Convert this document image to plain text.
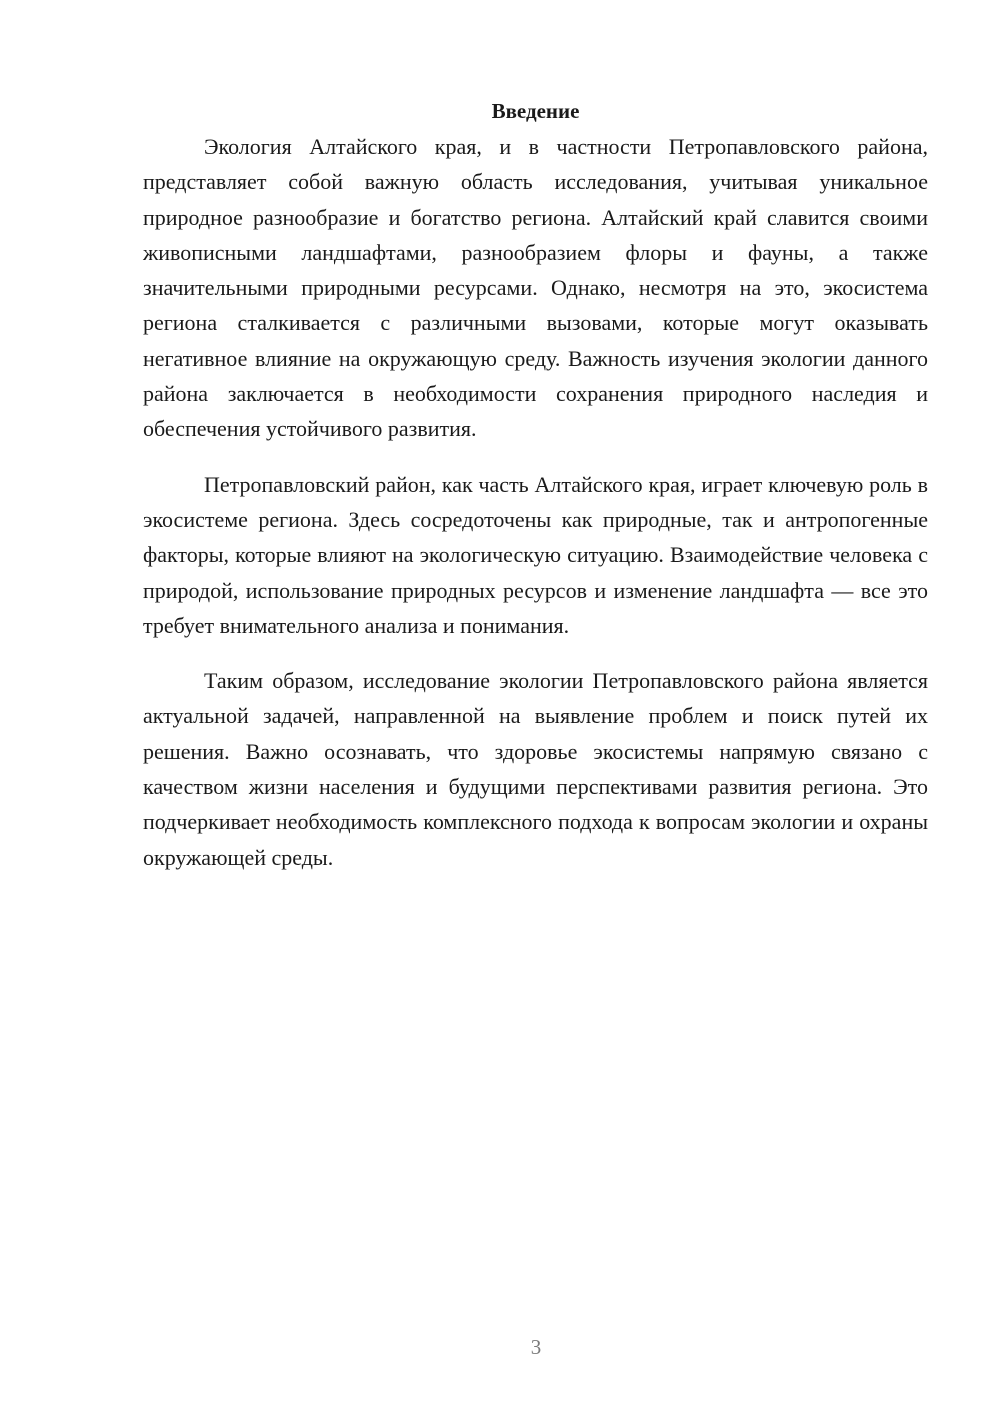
Введение

Экология Алтайского края, и в частности Петропавловского района, представляет собой важную область исследования, учитывая уникальное природное разнообразие и богатство региона. Алтайский край славится своими живописными ландшафтами, разнообразием флоры и фауны, а также значительными природными ресурсами. Однако, несмотря на это, экосистема региона сталкивается с различными вызовами, которые могут оказывать негативное влияние на окружающую среду. Важность изучения экологии данного района заключается в необходимости сохранения природного наследия и обеспечения устойчивого развития.

Петропавловский район, как часть Алтайского края, играет ключевую роль в экосистеме региона. Здесь сосредоточены как природные, так и антропогенные факторы, которые влияют на экологическую ситуацию. Взаимодействие человека с природой, использование природных ресурсов и изменение ландшафта — все это требует внимательного анализа и понимания.

Таким образом, исследование экологии Петропавловского района является актуальной задачей, направленной на выявление проблем и поиск путей их решения. Важно осознавать, что здоровье экосистемы напрямую связано с качеством жизни населения и будущими перспективами развития региона. Это подчеркивает необходимость комплексного подхода к вопросам экологии и охраны окружающей среды.

3
